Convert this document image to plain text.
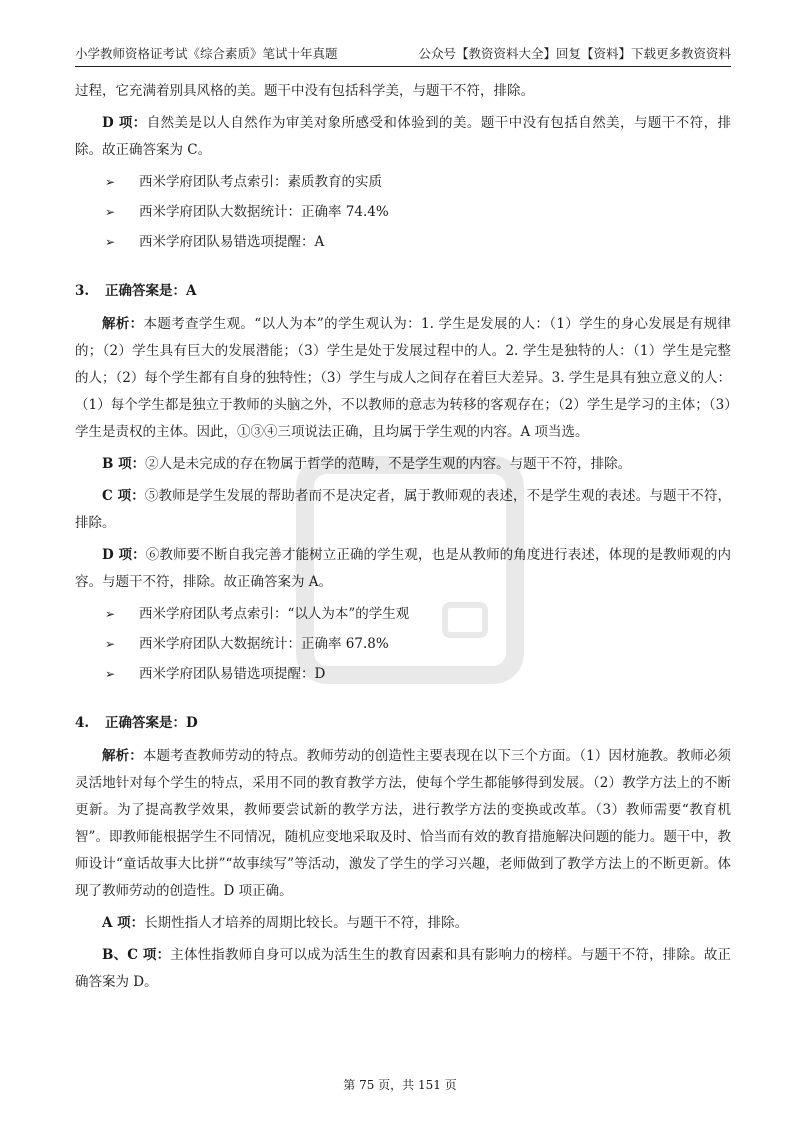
小学教师资格证考试《综合素质》笔试十年真题	公众号【教资资料大全】回复【资料】下载更多教资资料

过程，它充满着别具风格的美。题干中没有包括科学美，与题干不符，排除。

D 项：自然美是以人自然作为审美对象所感受和体验到的美。题干中没有包括自然美，与题干不符，排除。故正确答案为 C。

➢ 西米学府团队考点索引：素质教育的实质
➢ 西米学府团队大数据统计：正确率 74.4%
➢ 西米学府团队易错选项提醒：A
3. 正确答案是：A

解析：本题考查学生观。“以人为本”的学生观认为：1. 学生是发展的人：（1）学生的身心发展是有规律的；（2）学生具有巨大的发展潜能；（3）学生是处于发展过程中的人。2. 学生是独特的人：（1）学生是完整的人；（2）每个学生都有自身的独特性；（3）学生与成人之间存在着巨大差异。3. 学生是具有独立意义的人：（1）每个学生都是独立于教师的头脑之外，不以教师的意志为转移的客观存在；（2）学生是学习的主体；（3）学生是责权的主体。因此，①③④三项说法正确，且均属于学生观的内容。A 项当选。

B 项：②人是未完成的存在物属于哲学的范畴，不是学生观的内容。与题干不符，排除。

C 项：⑤教师是学生发展的帮助者而不是决定者，属于教师观的表述，不是学生观的表述。与题干不符，排除。

D 项：⑥教师要不断自我完善才能树立正确的学生观，也是从教师的角度进行表述，体现的是教师观的内容。与题干不符，排除。故正确答案为 A。

➢ 西米学府团队考点索引：“以人为本”的学生观
➢ 西米学府团队大数据统计：正确率 67.8%
➢ 西米学府团队易错选项提醒：D
4. 正确答案是：D

解析：本题考查教师劳动的特点。教师劳动的创造性主要表现在以下三个方面。（1）因材施教。教师必须灵活地针对每个学生的特点，采用不同的教育教学方法，使每个学生都能够得到发展。（2）教学方法上的不断更新。为了提高教学效果，教师要尝试新的教学方法，进行教学方法的变换或改革。（3）教师需要“教育机智”。即教师能根据学生不同情况，随机应变地采取及时、恰当而有效的教育措施解决问题的能力。题干中，教师设计“童话故事大比拼”“故事续写”等活动，激发了学生的学习兴趣，老师做到了教学方法上的不断更新。体现了教师劳动的创造性。D 项正确。

A 项：长期性指人才培养的周期比较长。与题干不符，排除。

B、C 项：主体性指教师自身可以成为活生生的教育因素和具有影响力的榜样。与题干不符，排除。故正确答案为 D。

第 75 页，共 151 页
